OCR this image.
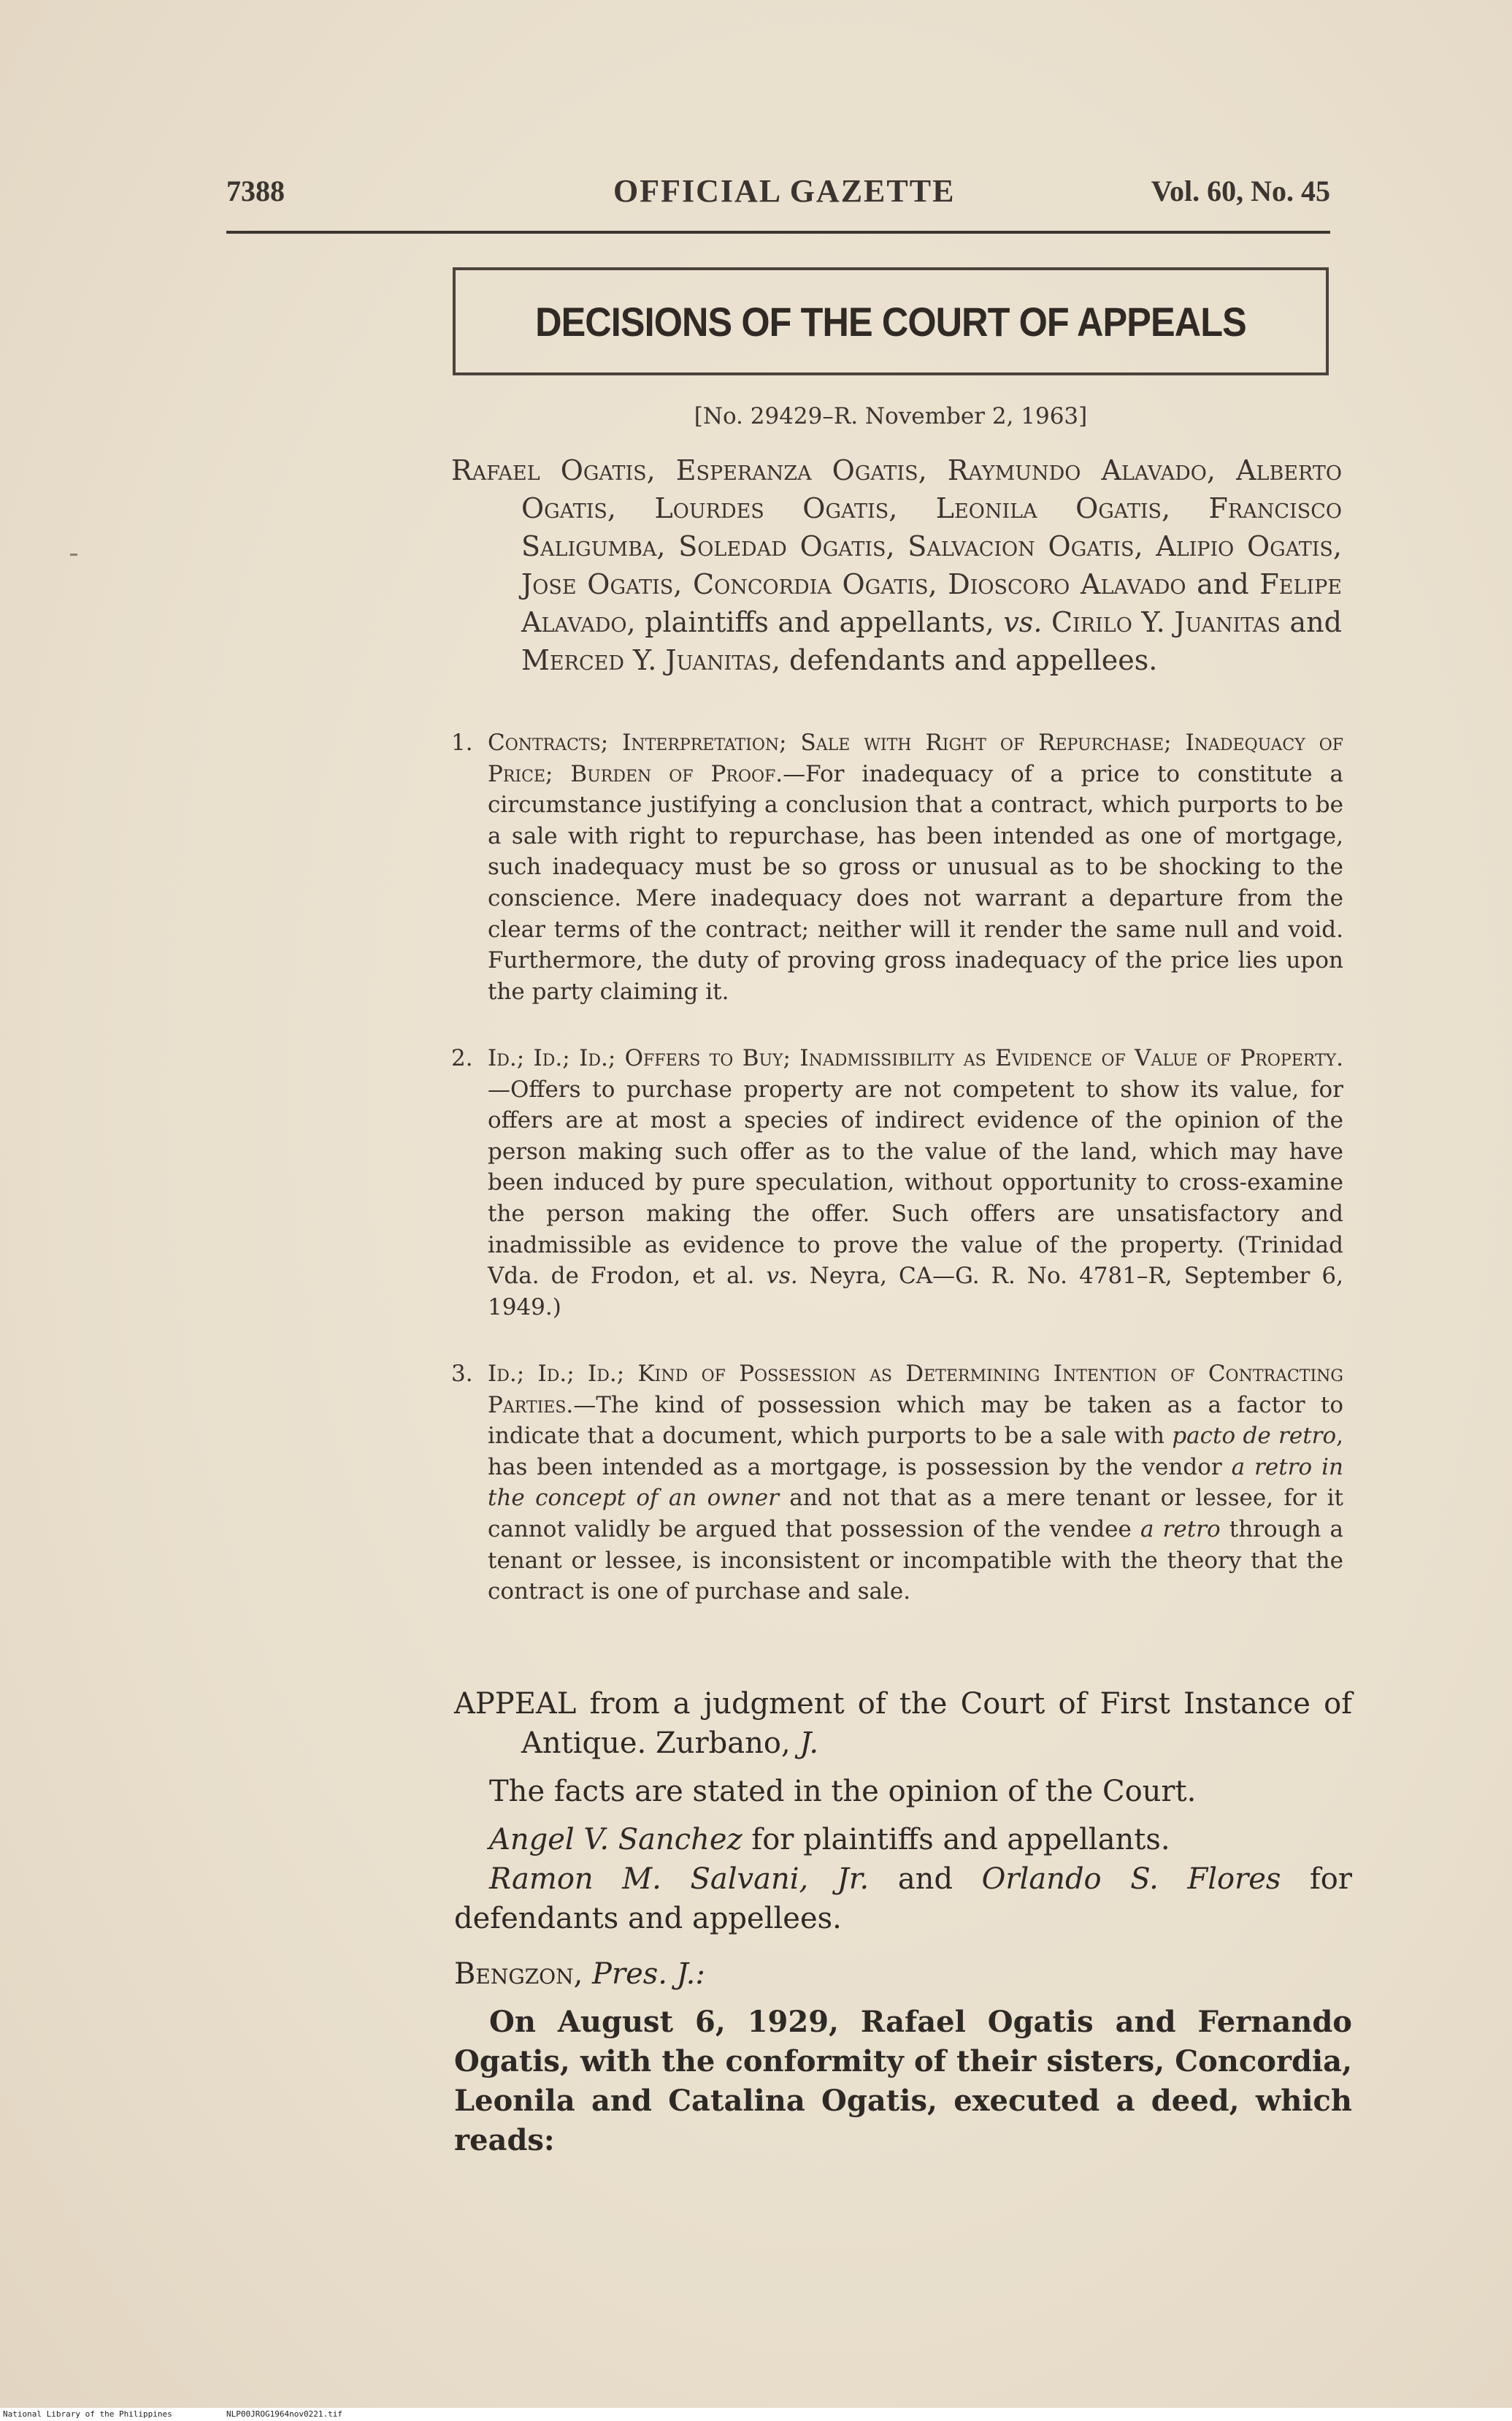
7388	OFFICIAL GAZETTE	Vol. 60, No. 45
DECISIONS OF THE COURT OF APPEALS
[No. 29429–R. November 2, 1963]

Rafael Ogatis, Esperanza Ogatis, Raymundo Alavado, Alberto Ogatis, Lourdes Ogatis, Leonila Ogatis, Francisco Saligumba, Soledad Ogatis, Salvacion Ogatis, Alipio Ogatis, Jose Ogatis, Concordia Ogatis, Dioscoro Alavado and Felipe Alavado, plaintiffs and appellants, vs. Cirilo Y. Juanitas and Merced Y. Juanitas, defendants and appellees.

1. Contracts; Interpretation; Sale with Right of Repurchase; Inadequacy of Price; Burden of Proof.—For inadequacy of a price to constitute a circumstance justifying a conclusion that a contract, which purports to be a sale with right to repurchase, has been intended as one of mortgage, such inadequacy must be so gross or unusual as to be shocking to the conscience. Mere inadequacy does not warrant a departure from the clear terms of the contract; neither will it render the same null and void. Furthermore, the duty of proving gross inadequacy of the price lies upon the party claiming it.
2. Id.; Id.; Id.; Offers to Buy; Inadmissibility as Evidence of Value of Property.—Offers to purchase property are not competent to show its value, for offers are at most a species of indirect evidence of the opinion of the person making such offer as to the value of the land, which may have been induced by pure speculation, without opportunity to cross-examine the person making the offer. Such offers are unsatisfactory and inadmissible as evidence to prove the value of the property. (Trinidad Vda. de Frodon, et al. vs. Neyra, CA—G. R. No. 4781–R, September 6, 1949.)
3. Id.; Id.; Id.; Kind of Possession as Determining Intention of Contracting Parties.—The kind of possession which may be taken as a factor to indicate that a document, which purports to be a sale with pacto de retro, has been intended as a mortgage, is possession by the vendor a retro in the concept of an owner and not that as a mere tenant or lessee, for it cannot validly be argued that possession of the vendee a retro through a tenant or lessee, is inconsistent or incompatible with the theory that the contract is one of purchase and sale.

APPEAL from a judgment of the Court of First Instance of Antique. Zurbano, J.

The facts are stated in the opinion of the Court.

Angel V. Sanchez for plaintiffs and appellants.

Ramon M. Salvani, Jr. and Orlando S. Flores for defendants and appellees.

Bengzon, Pres. J.:

On August 6, 1929, Rafael Ogatis and Fernando Ogatis, with the conformity of their sisters, Concordia, Leonila and Catalina Ogatis, executed a deed, which reads:

National Library of the Philippines	NLP00JROG1964nov0221.tif
